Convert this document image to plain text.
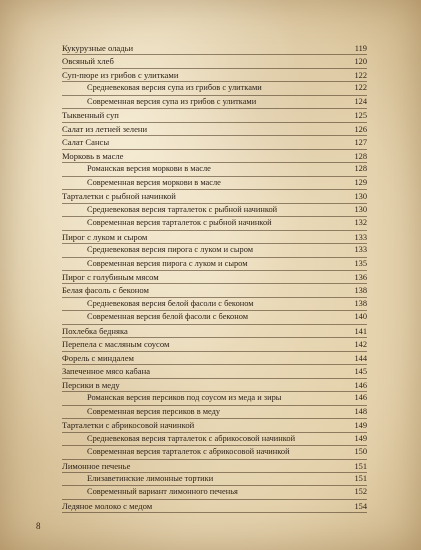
Кукурузные оладьи	119
Овсяный хлеб	120
Суп-пюре из грибов с улитками	122
Средневековая версия супа из грибов с улитками	122
Современная версия супа из грибов с улитками	124
Тыквенный суп	125
Салат из летней зелени	126
Салат Сансы	127
Морковь в масле	128
Романская версия моркови в масле	128
Современная версия моркови в масле	129
Тарталетки с рыбной начинкой	130
Средневековая версия тарталеток с рыбной начинкой	130
Современная версия тарталеток с рыбной начинкой	132
Пирог с луком и сыром	133
Средневековая версия пирога с луком и сыром	133
Современная версия пирога с луком и сыром	135
Пирог с голубиным мясом	136
Белая фасоль с беконом	138
Средневековая версия белой фасоли с беконом	138
Современная версия белой фасоли с беконом	140
Похлебка бедняка	141
Перепела с масляным соусом	142
Форель с миндалем	144
Запеченное мясо кабана	145
Персики в меду	146
Романская версия персиков под соусом из меда и зиры	146
Современная версия персиков в меду	148
Тарталетки с абрикосовой начинкой	149
Средневековая версия тарталеток с абрикосовой начинкой	149
Современная версия тарталеток с абрикосовой начинкой	150
Лимонное печенье	151
Елизаветинские лимонные тортики	151
Современный вариант лимонного печенья	152
Ледяное молоко с медом	154
8
